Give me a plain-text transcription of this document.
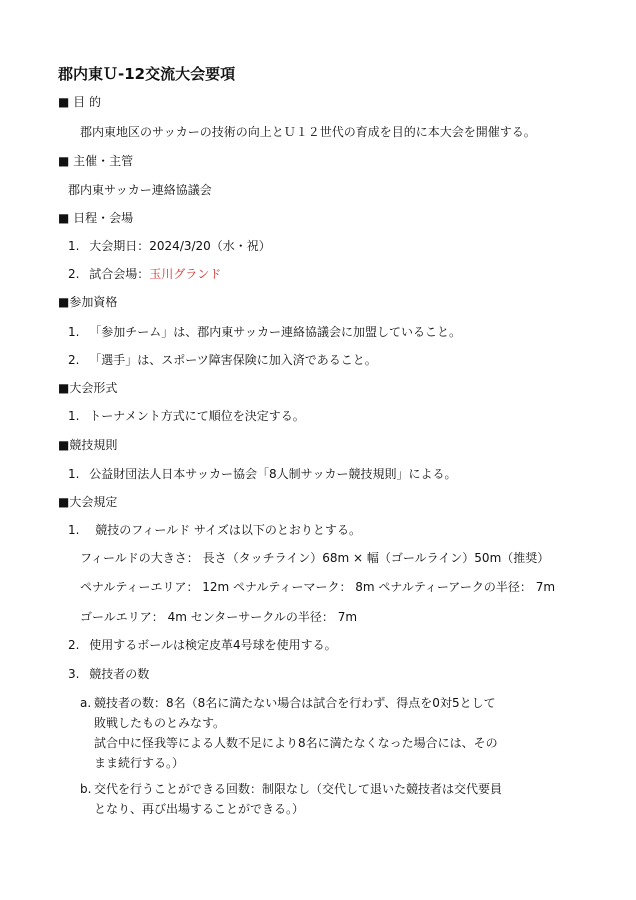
郡内東Ｕ-12交流大会要項
■ 目 的
郡内東地区のサッカーの技術の向上とＵ１２世代の育成を目的に本大会を開催する。
■ 主催・主管
郡内東サッカー連絡協議会
■ 日程・会場
1. 大会期日：2024/3/20（水・祝）
2. 試合会場：玉川グランド
■参加資格
1. 「参加チーム」は、郡内東サッカー連絡協議会に加盟していること。
2. 「選手」は、スポーツ障害保険に加入済であること。
■大会形式
1. トーナメント方式にて順位を決定する。
■競技規則
1. 公益財団法人日本サッカー協会「8人制サッカー競技規則」による。
■大会規定
1. 競技のフィールド サイズは以下のとおりとする。
フィールドの大きさ： 長さ（タッチライン）68m × 幅（ゴールライン）50m（推奨）
ペナルティーエリア： 12m ペナルティーマーク： 8m ペナルティーアークの半径： 7m
ゴールエリア： 4m センターサークルの半径： 7m
2. 使用するボールは検定皮革4号球を使用する。
3. 競技者の数
a. 競技者の数：8名（8名に満たない場合は試合を行わず、得点を0対5として
敗戦したものとみなす。
試合中に怪我等による人数不足により8名に満たなくなった場合には、その
まま続行する。）
b. 交代を行うことができる回数：制限なし（交代して退いた競技者は交代要員
となり、再び出場することができる。）
